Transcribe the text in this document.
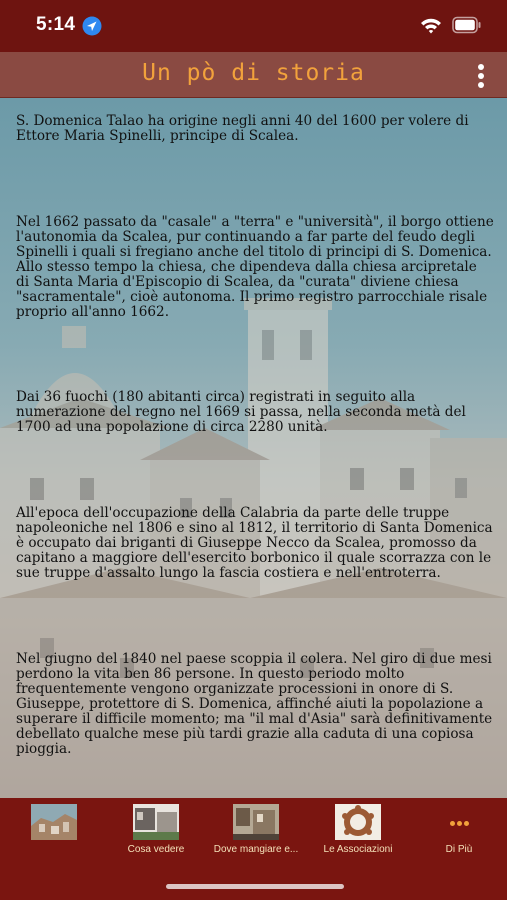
5:14
Un pò di storia

S. Domenica Talao ha origine negli anni 40 del 1600 per volere di Ettore Maria Spinelli, principe di Scalea.

Nel 1662 passato da "casale" a "terra" e "università", il borgo ottiene l'autonomia da Scalea, pur continuando a far parte del feudo degli Spinelli i quali si fregiano anche del titolo di principi di S. Domenica. Allo stesso tempo la chiesa, che dipendeva dalla chiesa arcipretale di Santa Maria d'Episcopio di Scalea, da "curata" diviene chiesa "sacramentale", cioè autonoma. Il primo registro parrocchiale risale proprio all'anno 1662.

Dai 36 fuochi (180 abitanti circa) registrati in seguito alla numerazione del regno nel 1669 si passa, nella seconda metà del 1700 ad una popolazione di circa 2280 unità.

All'epoca dell'occupazione della Calabria da parte delle truppe napoleoniche nel 1806 e sino al 1812, il territorio di Santa Domenica è occupato dai briganti di Giuseppe Necco da Scalea, promosso da capitano a maggiore dell'esercito borbonico il quale scorrazza con le sue truppe d'assalto lungo la fascia costiera e nell'entroterra.

Nel giugno del 1840 nel paese scoppia il colera. Nel giro di due mesi perdono la vita ben 86 persone. In questo periodo molto frequentemente vengono organizzate processioni in onore di S. Giuseppe, protettore di S. Domenica, affinché aiuti la popolazione a superare il difficile momento; ma "il mal d'Asia" sarà definitivamente debellato qualche mese più tardi grazie alla caduta di una copiosa pioggia.

Cosa vedere	Dove mangiare e...	Le Associazioni	Di Più
